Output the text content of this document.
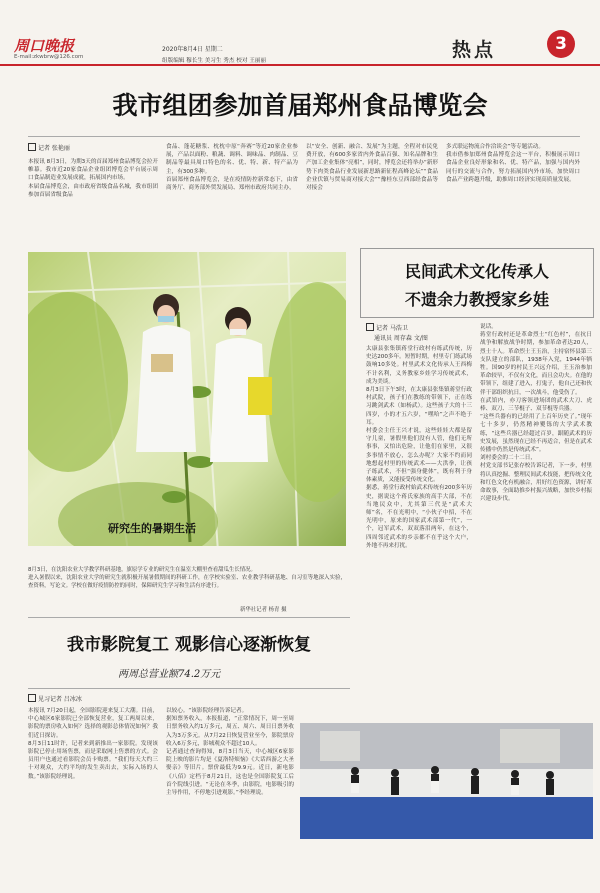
周口晚报
E-mail:zkwbrw@126.com
2020年8月4日 星期二
组版编辑 穆长生 美习生 秀杰 校对 王丽丽	热点	3
我市组团参加首届郑州食品博览会
记者 张艳丽
本报讯 8月3日，为期3天的首届郑州食品博览会拉开帷幕。我市近20家食品企业组团博览会平台展示周口食品制造业发展成就，拓展国内市场。
本届食品博览会，由市政府省级食品名城，我市组团参加首届省级食品
食品、蓬花糖浆、枕枕中原“奔赛”等近20家企业参展，产品以面粉、粮蔬、调料、调味品、肉制品、豆制品等最具周口特色的名、优、特、新、特产品为主，有300多种。
首届郑州食品博览会，是在疫情防控新常态下，由省商务厅、商务部外贸发展局、郑州市政府共同主办，
以“安全、创新、融合、发展”为主题，全程对市民免费开放，有600多家省内外食品百强、知名品牌和生产加工企业集体“亮相”，同时，博览会还将举办“新形势下肉类食品行业发展新思路新征程高峰论坛”“食品企业伏镇与贸易商对接大会”“豫桂东豆西部经食品等对接会
多式联运物流合作洽谈会”等专题活动。
我市借参加郑州食品博览会这一平台，积极展示周口食品企业良好形象和名、优、特产品，加强与国内外同行的交流与合作，努力拓展国内外市场，加快周口食品产业跨越升级，助推周口经济实现高质量发展。
研究生的暑期生活
8月3日，在沈阳农业大学教学科研基地，旗原学专业的研究生在温室大棚里查看甜瓜生长情况。
进入暑假以来，沈阳农业大学的研究生就积极开展暑假期间的科研工作，在学校实验室、农业教学科研基地、自习室等地深入实验，查资料，写论文。学校在做好疫情防控的同时，保障研究生学习和生活有序进行。
新华社记者 杨青 摄
民间武术文化传承人
不遗余力教授家乡娃
记者 马浩卫
通讯员 周存森 文/图
太康县张集镇蒋堂行政村有练武传统，历史达200多年。短暂时期，村里专门练武场鼓响10多处。村里武术文化传承人王西梅不计名利，义务教家乡娃学习传统武术，成为美谈。
8月3日下午3时，在太康县张集镇蒋堂行政村武院，孩子们在教练的带领下，正在练习跳剑武术（如杨武）。这些孩子大的十三四岁，小的才五六岁，“嘿哈”之声不绝于耳。
村委会主任王兴才说，这些娃娃大都是留守儿童，暑假里他们没有人管，他们无所事事，又怕出危险，让他们在家里，又很多事情不放心，怎么办呢？大家不约而同地想起村里的传统武术——大洪拳，让孩子练武术，不但“强身健体”，既有利于身体素质，又能接受传统文化。
据悉，蒋堂行政村始武术传统有200多年历史，据说这个蒋氏家族的高手大部，不在当地民众中，尤其第三代是“武术大师”名，不在光明中，“小伙子中招，不在光明中，原来的国家武术部第一代”，一个，冠军武术，双双落泪两年，在这个，四周邻近武术的乡亲都不在乎这个大户，外地不再来打扰。
说话。
蒋堂行政村还是革命烈士“红色村”，在抗日战争和解放战争时期，参加革命者达20人，烈士十人。革命烈士王玉治，主持宿怀县第三支队建立的部队，1938年入党，1944年牺牲。国90岁的村民王兴远介绍，王玉治参加革命较早，不仅有文化，而且会功夫。在他的带领下，组建了进入，打鬼子，他自己还和伙伴干部组织抗日，一次战斗，他受伤了。
在武馆内，亦刀客领进场团的武术大刀、虎棒、双刀、三节棍子、双节棍等兵器。
“这些兵器有的已经用了上百年历史了。”现年七十多岁，仍然精神矍铄的大学武术教练，“这些兵器已经超过百岁，跟随武术的历史发展，虽然现在已经不再适合，但是在武术传播中仍然是传统武术”。
刘村委会的二十二日，
村党支部书记张存校告诉记者，下一步，村里将认真挖掘、整理民间武术技能，把传统文化和红色文化有机融合，用好红色资源，讲好革命故事，全面助推乡村振兴战略，加快乡村振兴建设步伐。
我市影院复工 观影信心逐渐恢复
两周总营业额74.2万元
见习记者 吕冰冰
本报讯 7月20日起，全国影院迎来复工大潮。目前，中心城区6家影院已全部恢复营业，复工两周以来，影院的票房收入如何？选择的观影总体情况如何？我们近日探访。
8月3日11时许，记者来到新推出一家影院。发现该影院已停止用场售票，而是采取网上售票的方式。会员用户也通过看影院会员卡购票。“我们每天大约三十对观众，大约平均的发生卖出去，实际入场的人数。”该影院经理说。
以较心。“该影院经理告诉记者。
据知票务收入，本报报道，“正常情况下，周一至周日票务收入约1万多元，周五、周六、周日日票务收入为3万多元。从7月22日恢复营业至今，影院票房收入6万多元，影城观众不超过10人。
记者通过查询得知，8月3日当天，中心城区6家影院上映的影片均是《夏洛特烦恼》《大话西游之大圣娶亲》等旧片。票价最低为9.9元。近日，新电影《八佰》定档于8月21日，这也是全国影院复工后首个院线引进。“无论在冬季，由影院，电影吸引的主导作用，不停地引进观影。”李经理说。
